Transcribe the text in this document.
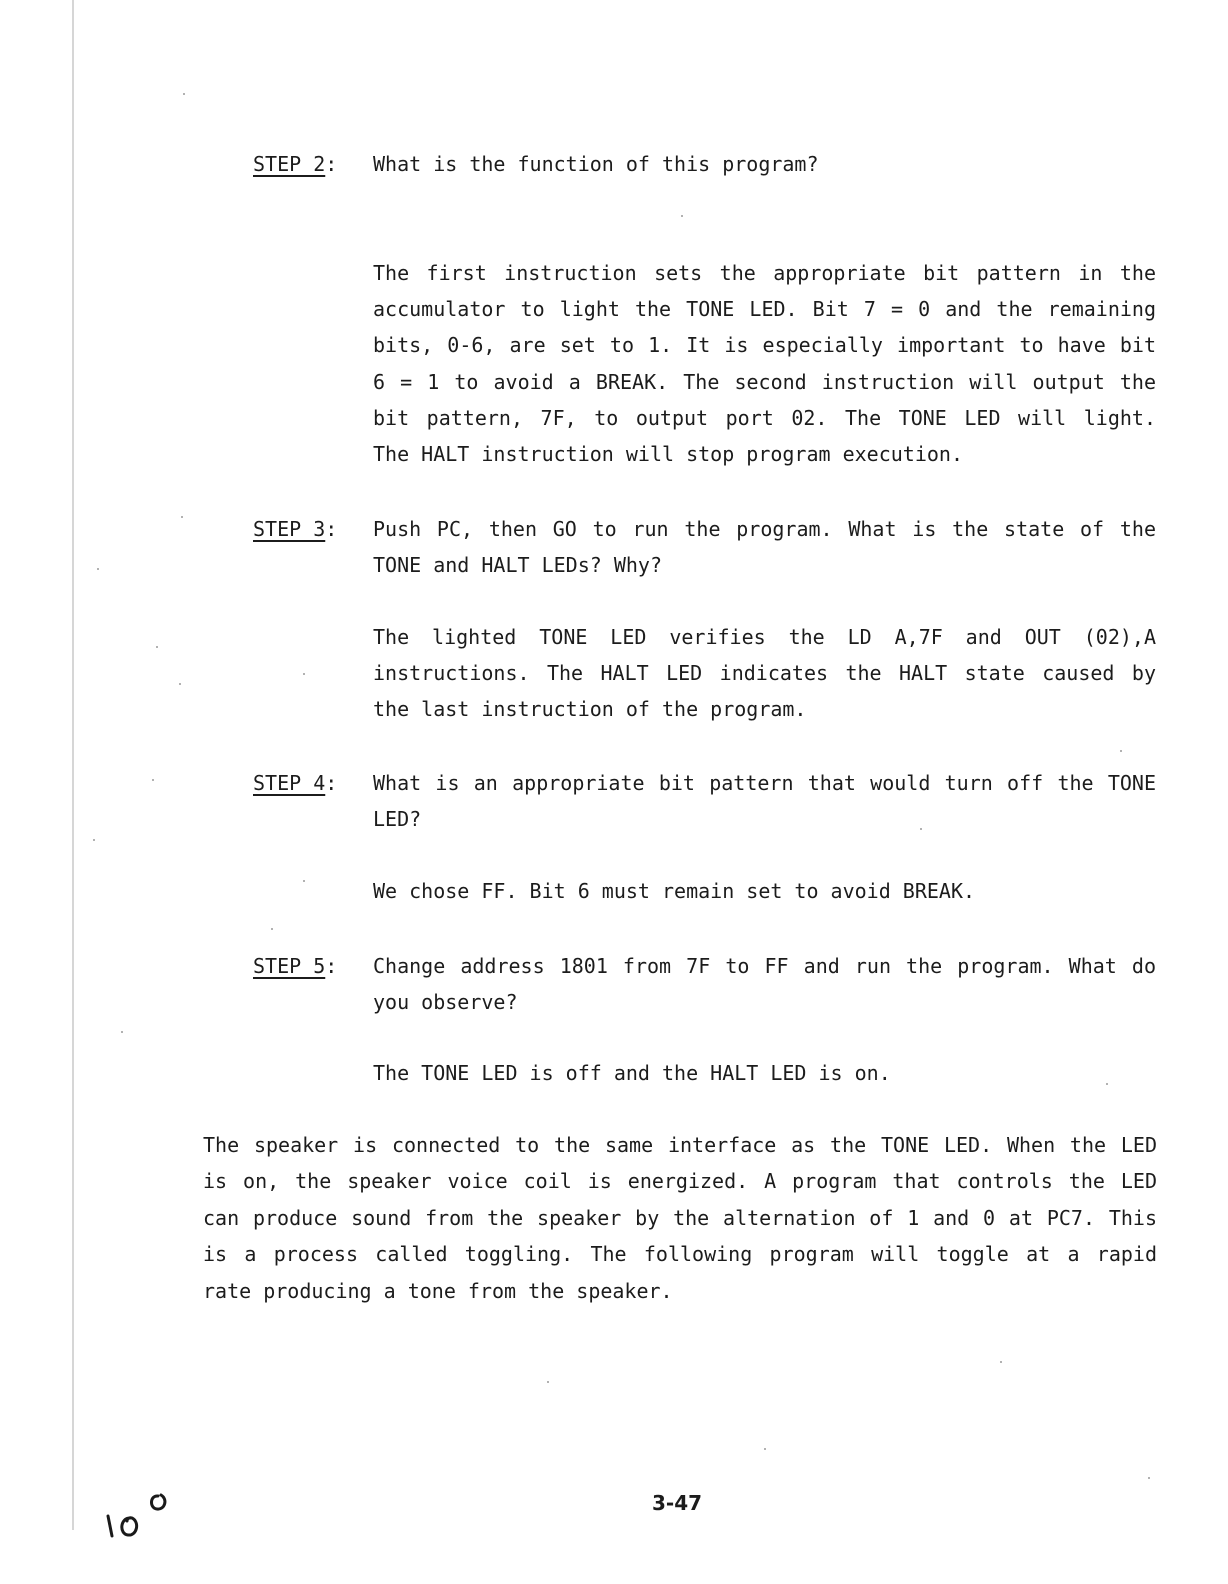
STEP 2: What is the function of this program?
The first instruction sets the appropriate bit pattern in the
accumulator to light the TONE LED. Bit 7 = 0 and the remaining
bits, 0-6, are set to 1. It is especially important to have bit
6 = 1 to avoid a BREAK. The second instruction will output the
bit pattern, 7F, to output port 02. The TONE LED will light.
The HALT instruction will stop program execution.
STEP 3: Push PC, then GO to run the program. What is the state of the
TONE and HALT LEDs? Why?
The lighted TONE LED verifies the LD A,7F and OUT (02),A
instructions. The HALT LED indicates the HALT state caused by
the last instruction of the program.
STEP 4: What is an appropriate bit pattern that would turn off the TONE
LED?
We chose FF. Bit 6 must remain set to avoid BREAK.
STEP 5: Change address 1801 from 7F to FF and run the program. What do
you observe?
The TONE LED is off and the HALT LED is on.
The speaker is connected to the same interface as the TONE LED. When the LED
is on, the speaker voice coil is energized. A program that controls the LED
can produce sound from the speaker by the alternation of 1 and 0 at PC7. This
is a process called toggling. The following program will toggle at a rapid
rate producing a tone from the speaker.
3-47
